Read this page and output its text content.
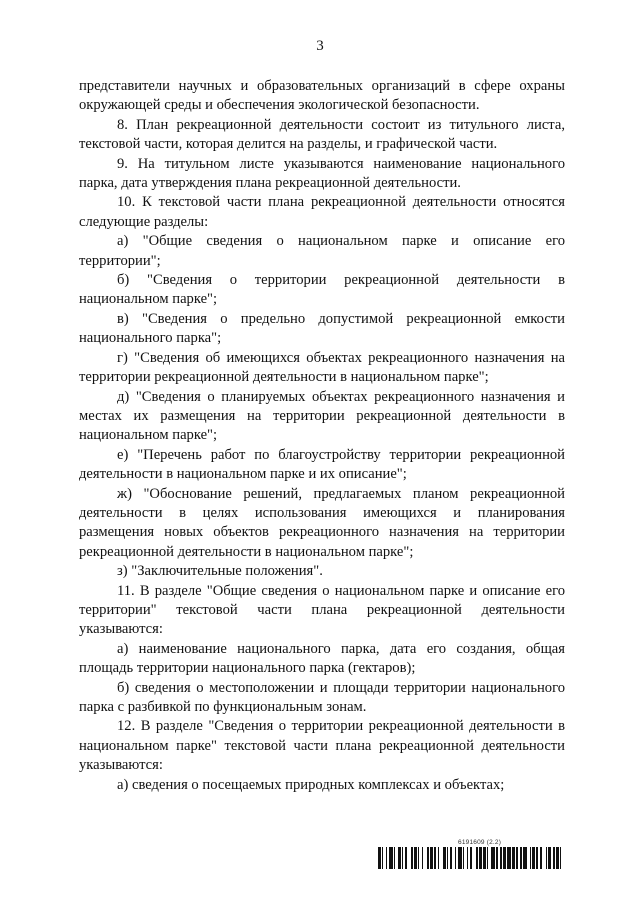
3

представители научных и образовательных организаций в сфере охраны окружающей среды и обеспечения экологической безопасности.

8. План рекреационной деятельности состоит из титульного листа, текстовой части, которая делится на разделы, и графической части.

9. На титульном листе указываются наименование национального парка, дата утверждения плана рекреационной деятельности.

10. К текстовой части плана рекреационной деятельности относятся следующие разделы:

а) "Общие сведения о национальном парке и описание его территории";

б) "Сведения о территории рекреационной деятельности в национальном парке";

в) "Сведения о предельно допустимой рекреационной емкости национального парка";

г) "Сведения об имеющихся объектах рекреационного назначения на территории рекреационной деятельности в национальном парке";

д) "Сведения о планируемых объектах рекреационного назначения и местах их размещения на территории рекреационной деятельности в национальном парке";

е) "Перечень работ по благоустройству территории рекреационной деятельности в национальном парке и их описание";

ж) "Обоснование решений, предлагаемых планом рекреационной деятельности в целях использования имеющихся и планирования размещения новых объектов рекреационного назначения на территории рекреационной деятельности в национальном парке";

з) "Заключительные положения".

11. В разделе "Общие сведения о национальном парке и описание его территории" текстовой части плана рекреационной деятельности указываются:

а) наименование национального парка, дата его создания, общая площадь территории национального парка (гектаров);

б) сведения о местоположении и площади территории национального парка с разбивкой по функциональным зонам.

12. В разделе "Сведения о территории рекреационной деятельности в национальном парке" текстовой части плана рекреационной деятельности указываются:

а) сведения о посещаемых природных комплексах и объектах;

6191609 (2.2)
